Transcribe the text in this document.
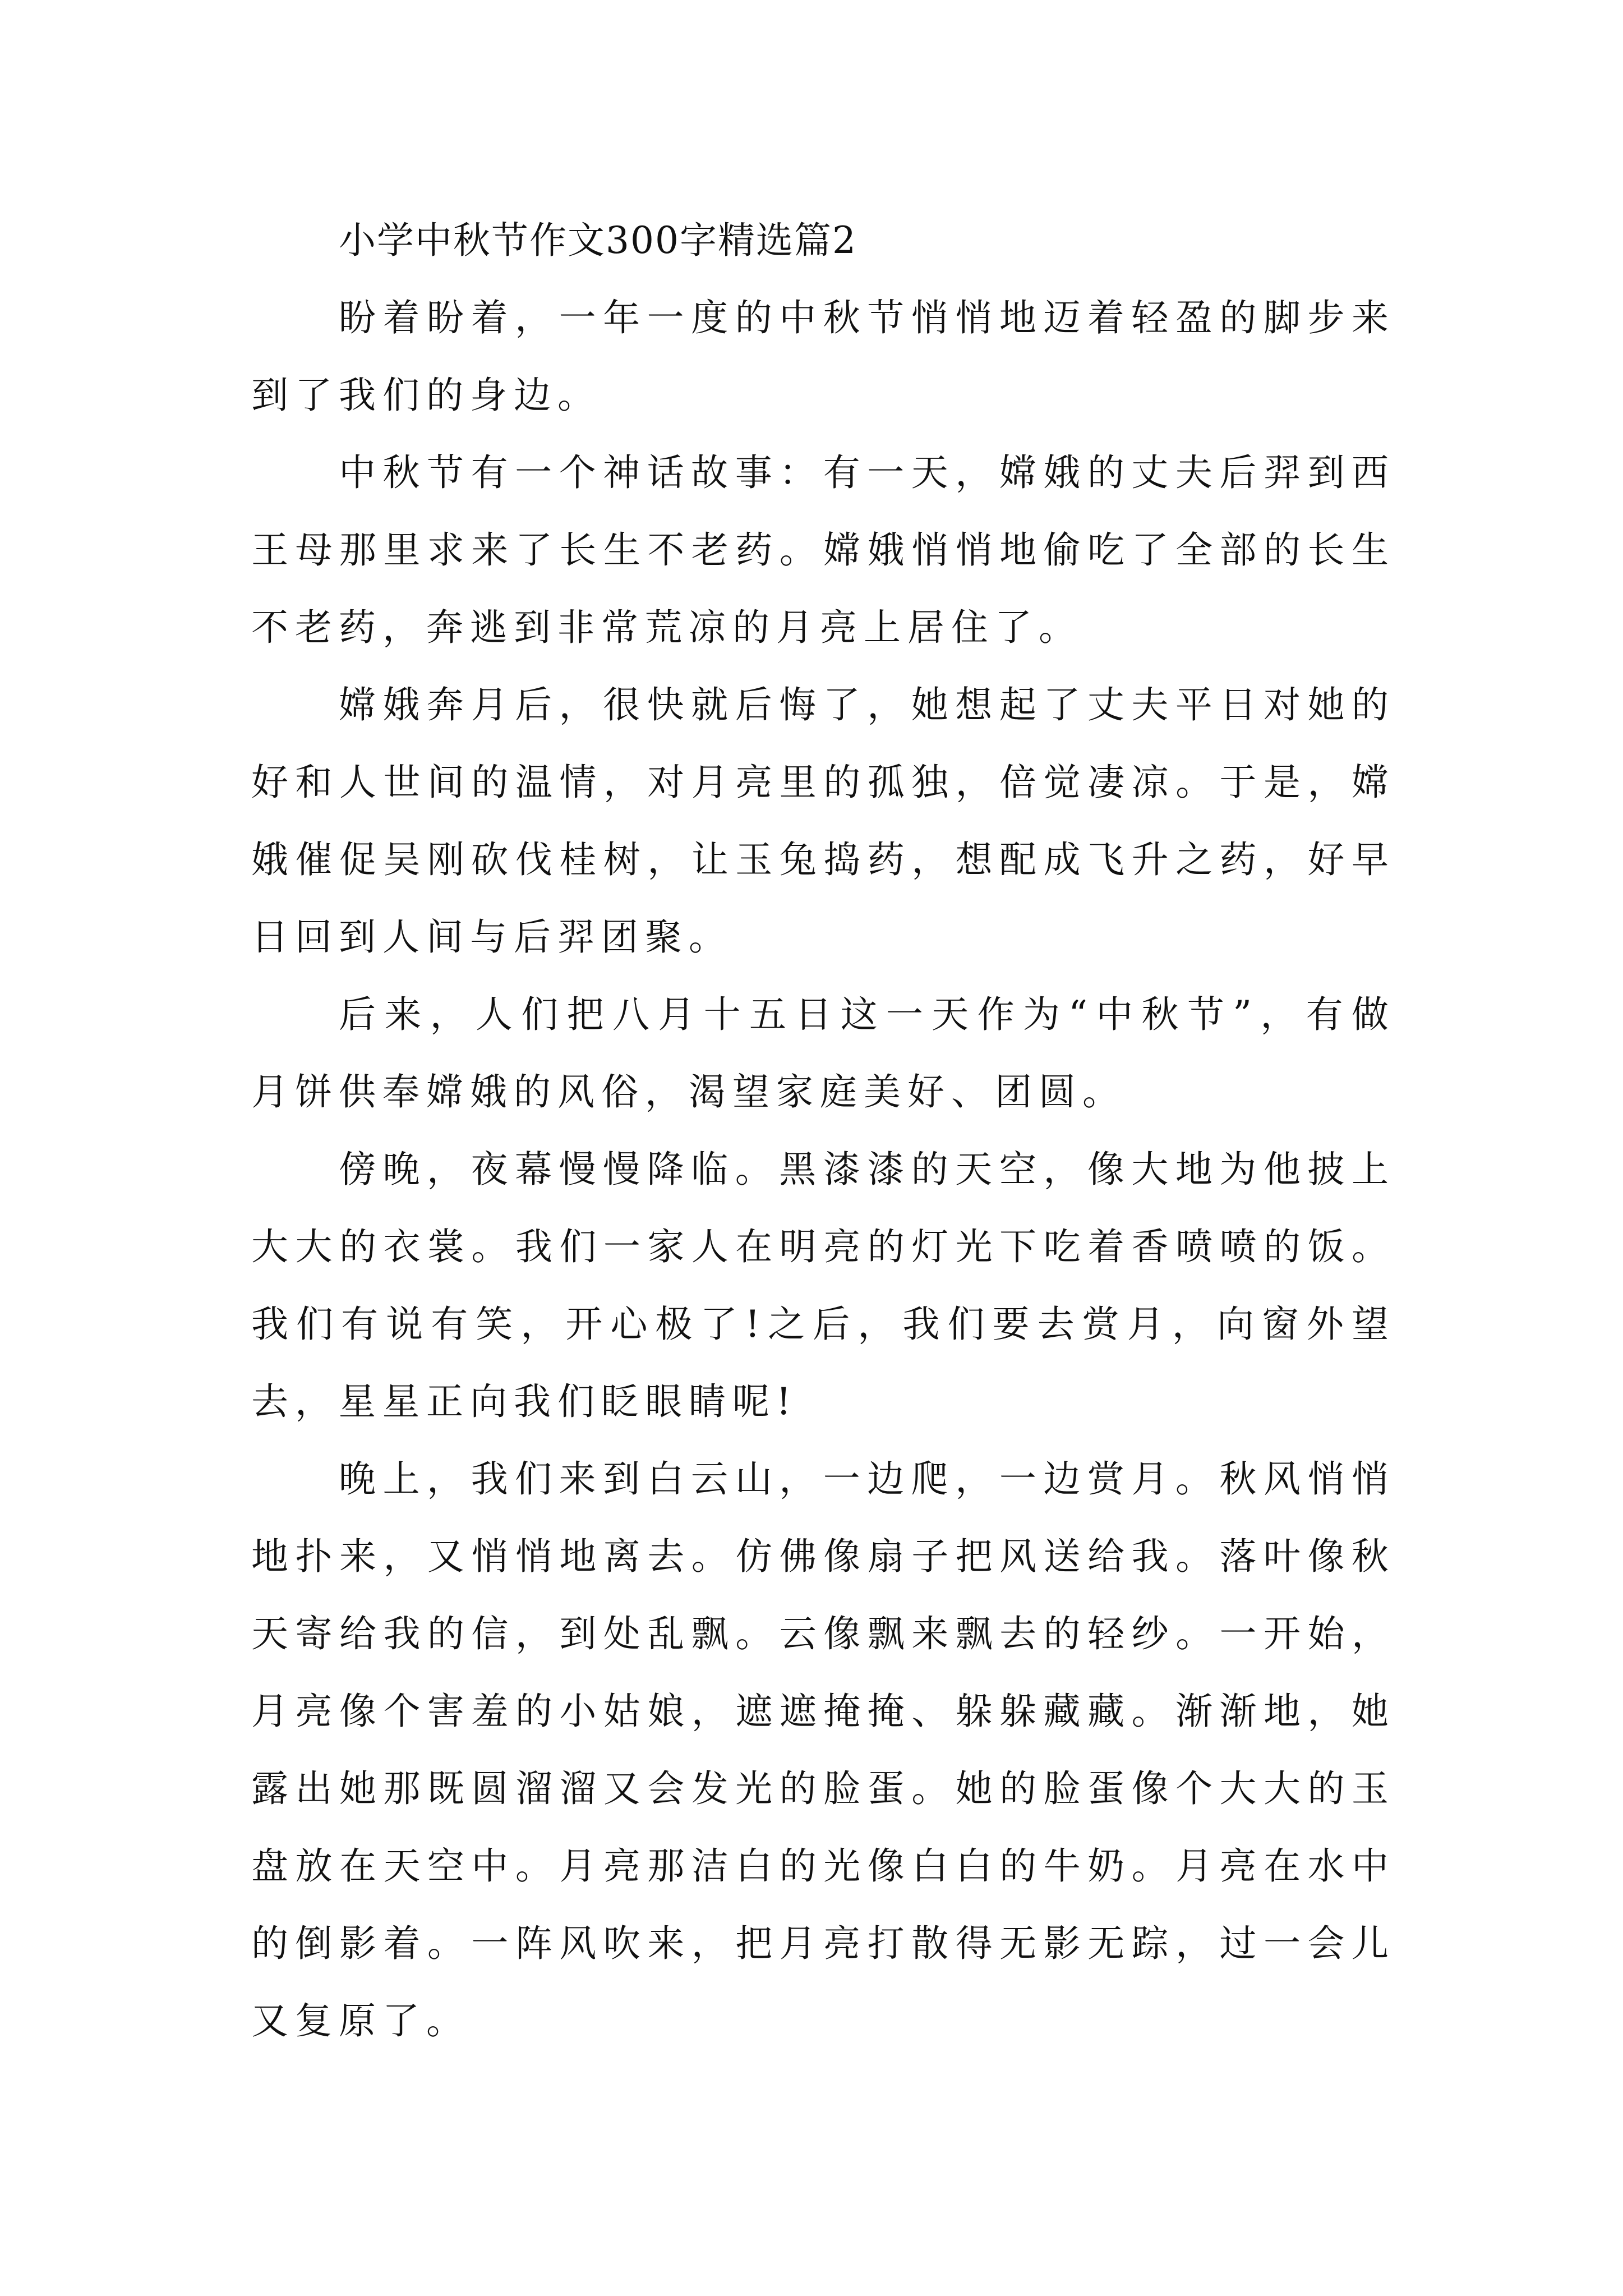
小学中秋节作文300字精选篇2

盼着盼着，一年一度的中秋节悄悄地迈着轻盈的脚步来到了我们的身边。

中秋节有一个神话故事：有一天，嫦娥的丈夫后羿到西王母那里求来了长生不老药。嫦娥悄悄地偷吃了全部的长生不老药，奔逃到非常荒凉的月亮上居住了。

嫦娥奔月后，很快就后悔了，她想起了丈夫平日对她的好和人世间的温情，对月亮里的孤独，倍觉凄凉。于是，嫦娥催促吴刚砍伐桂树，让玉兔捣药，想配成飞升之药，好早日回到人间与后羿团聚。

后来，人们把八月十五日这一天作为“中秋节”，有做月饼供奉嫦娥的风俗，渴望家庭美好、团圆。

傍晚，夜幕慢慢降临。黑漆漆的天空，像大地为他披上大大的衣裳。我们一家人在明亮的灯光下吃着香喷喷的饭。我们有说有笑，开心极了!之后，我们要去赏月，向窗外望去，星星正向我们眨眼睛呢!

晚上，我们来到白云山，一边爬，一边赏月。秋风悄悄地扑来，又悄悄地离去。仿佛像扇子把风送给我。落叶像秋天寄给我的信，到处乱飘。云像飘来飘去的轻纱。一开始，月亮像个害羞的小姑娘，遮遮掩掩、躲躲藏藏。渐渐地，她露出她那既圆溜溜又会发光的脸蛋。她的脸蛋像个大大的玉盘放在天空中。月亮那洁白的光像白白的牛奶。月亮在水中的倒影着。一阵风吹来，把月亮打散得无影无踪，过一会儿又复原了。
